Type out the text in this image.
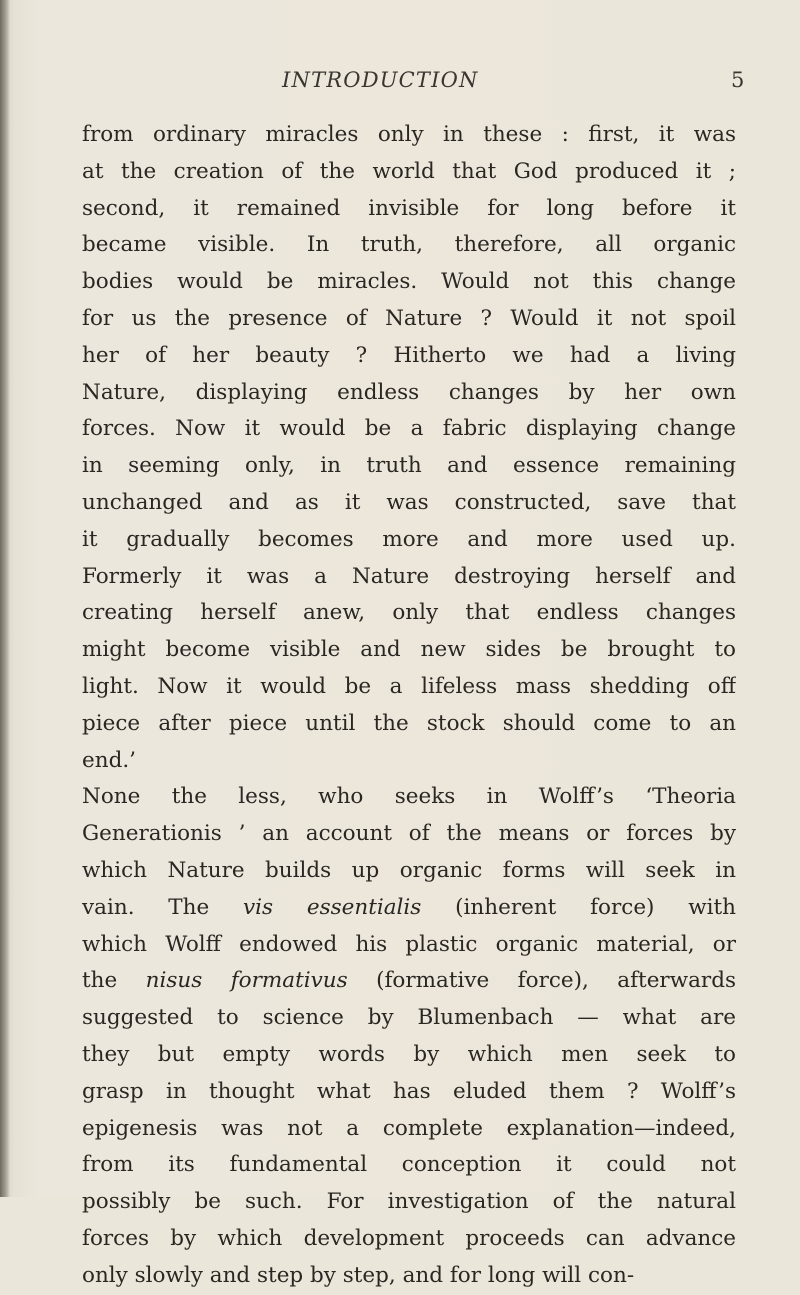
INTRODUCTION	5
from ordinary miracles only in these : first, it was
at the creation of the world that God produced it ;
second, it remained invisible for long before it
became visible. In truth, therefore, all organic
bodies would be miracles. Would not this change
for us the presence of Nature ? Would it not spoil
her of her beauty ? Hitherto we had a living
Nature, displaying endless changes by her own
forces. Now it would be a fabric displaying change
in seeming only, in truth and essence remaining
unchanged and as it was constructed, save that
it gradually becomes more and more used up.
Formerly it was a Nature destroying herself and
creating herself anew, only that endless changes
might become visible and new sides be brought to
light. Now it would be a lifeless mass shedding off
piece after piece until the stock should come to an
end.’
None the less, who seeks in Wolff’s ‘Theoria
Generationis ’ an account of the means or forces by
which Nature builds up organic forms will seek in
vain. The vis essentialis (inherent force) with
which Wolff endowed his plastic organic material, or
the nisus formativus (formative force), afterwards
suggested to science by Blumenbach — what are
they but empty words by which men seek to
grasp in thought what has eluded them ? Wolff’s
epigenesis was not a complete explanation—indeed,
from its fundamental conception it could not
possibly be such. For investigation of the natural
forces by which development proceeds can advance
only slowly and step by step, and for long will con-
